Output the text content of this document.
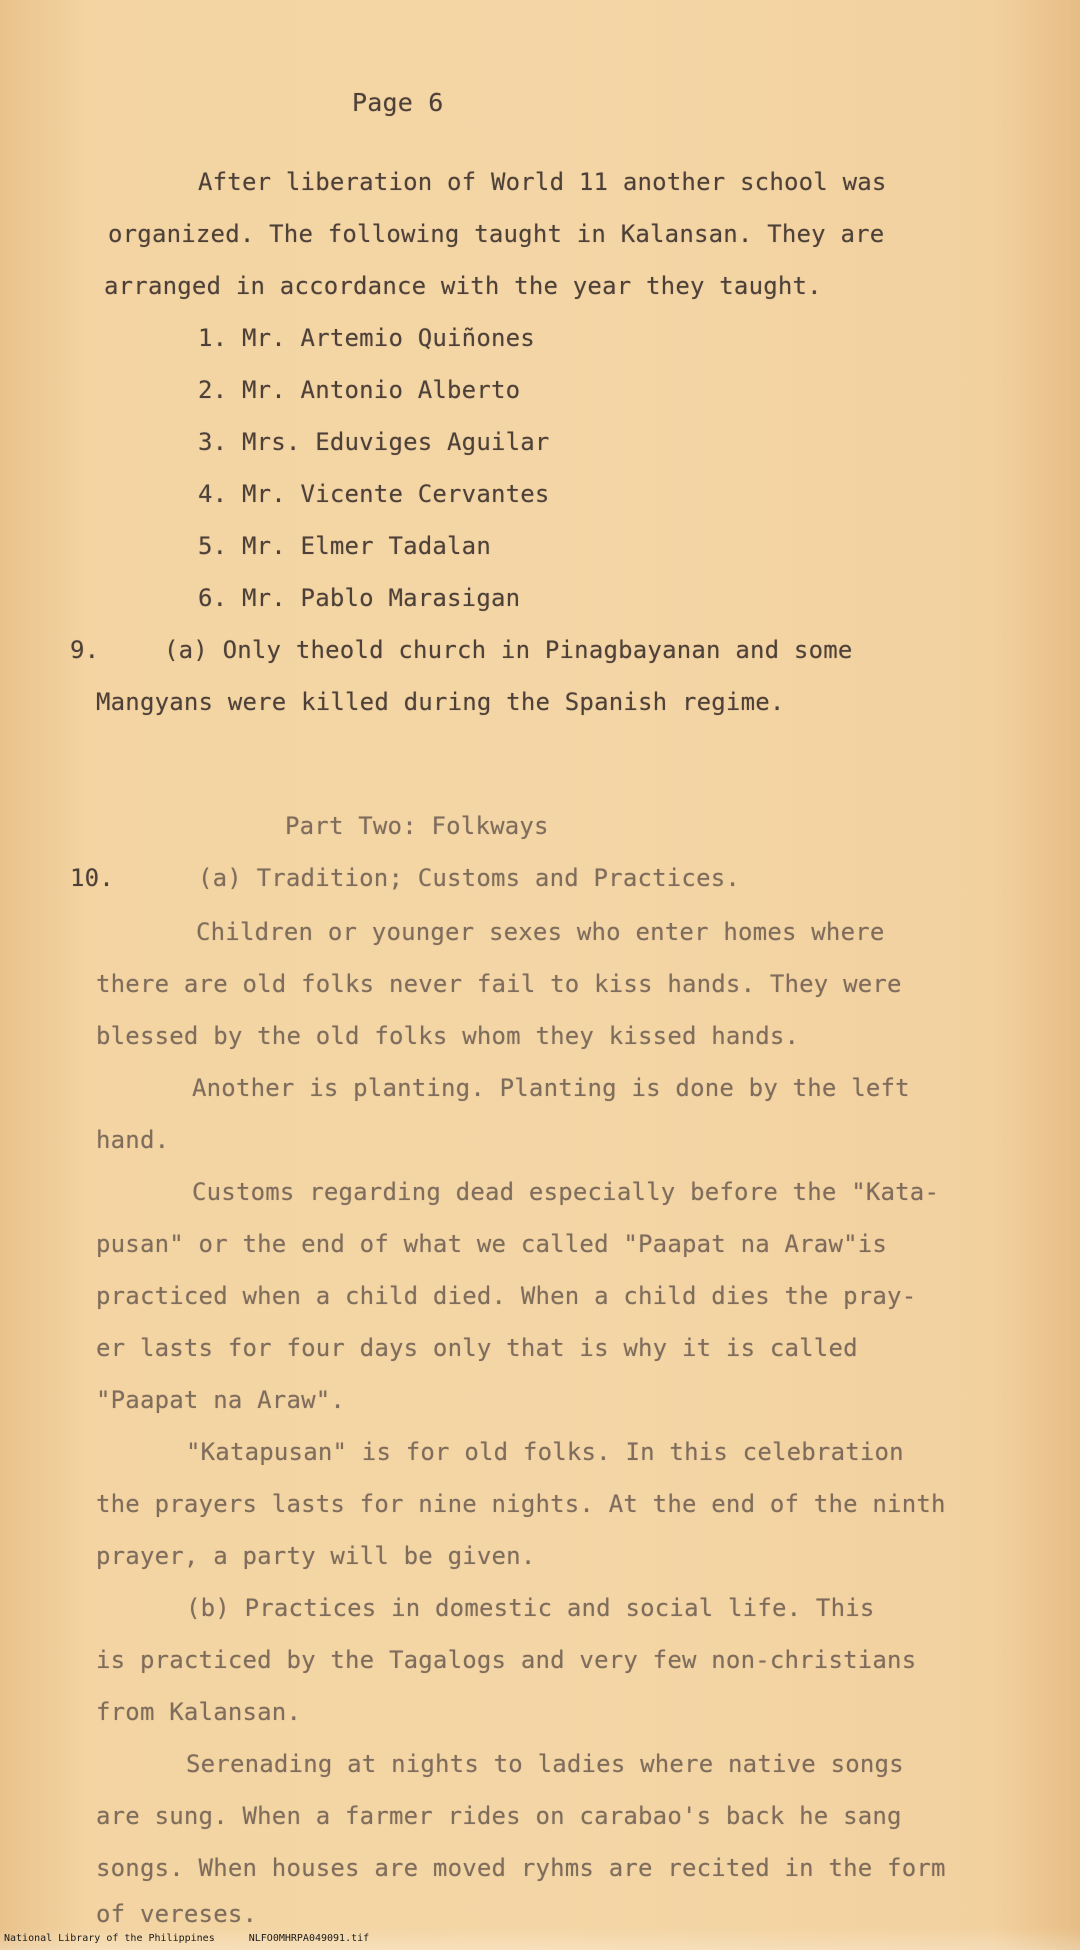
Page 6
After liberation of World 11 another school was
organized. The following taught in Kalansan. They are
arranged in accordance with the year they taught.
1. Mr. Artemio Quiñones
2. Mr. Antonio Alberto
3. Mrs. Eduviges Aguilar
4. Mr. Vicente Cervantes
5. Mr. Elmer Tadalan
6. Mr. Pablo Marasigan
9.	(a) Only theold church in Pinagbayanan and some
Mangyans were killed during the Spanish regime.
Part Two: Folkways
10.	(a) Tradition; Customs and Practices.
Children or younger sexes who enter homes where
there are old folks never fail to kiss hands. They were
blessed by the old folks whom they kissed hands.
Another is planting. Planting is done by the left
hand.
Customs regarding dead especially before the "Kata-
pusan" or the end of what we called "Paapat na Araw"is
practiced when a child died. When a child dies the pray-
er lasts for four days only that is why it is called
"Paapat na Araw".
"Katapusan" is for old folks. In this celebration
the prayers lasts for nine nights. At the end of the ninth
prayer, a party will be given.
(b) Practices in domestic and social life. This
is practiced by the Tagalogs and very few non-christians
from Kalansan.
Serenading at nights to ladies where native songs
are sung. When a farmer rides on carabao's back he sang
songs. When houses are moved ryhms are recited in the form
of vereses.
National Library of the Philippines	NLFO0MHRPA049091.tif
